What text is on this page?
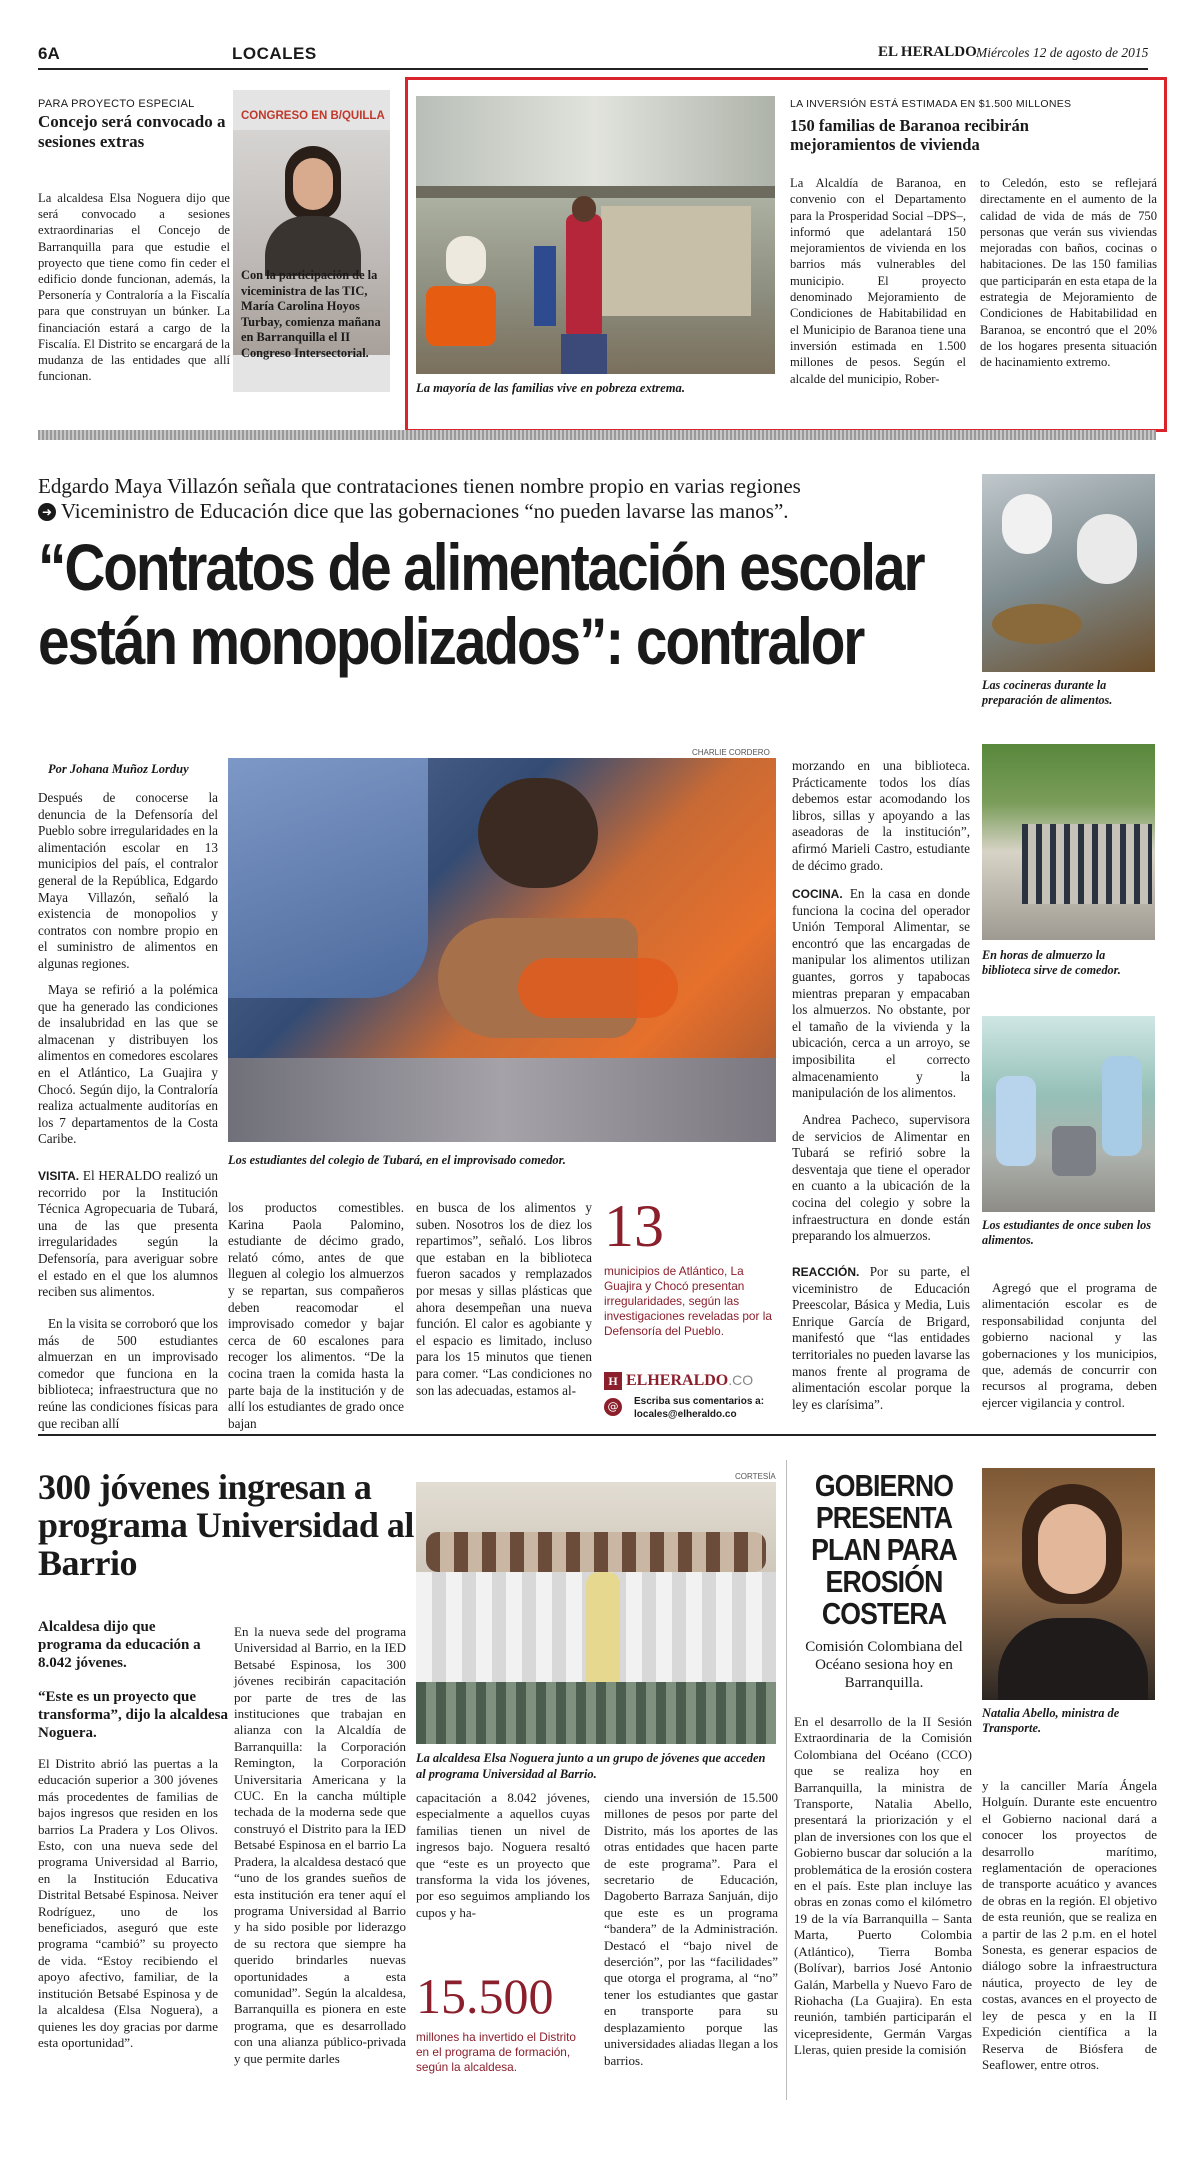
6A	LOCALES	EL HERALDO Miércoles 12 de agosto de 2015
PARA PROYECTO ESPECIAL
Concejo será convocado a sesiones extras
La alcaldesa Elsa Noguera dijo que será convocado a sesiones extraordinarias el Concejo de Barranquilla para que estudie el proyecto que tiene como fin ceder el edificio donde funcionan, además, la Personería y Contraloría a la Fiscalía para que construyan un búnker. La financiación estará a cargo de la Fiscalía. El Distrito se encargará de la mudanza de las entidades que allí funcionan.
CONGRESO EN B/QUILLA
Con la participación de la viceministra de las TIC, María Carolina Hoyos Turbay, comienza mañana en Barranquilla el II Congreso Intersectorial.
La mayoría de las familias vive en pobreza extrema.
LA INVERSIÓN ESTÁ ESTIMADA EN $1.500 MILLONES
150 familias de Baranoa recibirán mejoramientos de vivienda
La Alcaldía de Baranoa, en convenio con el Departamento para la Prosperidad Social –DPS–, informó que adelantará 150 mejoramientos de vivienda en los barrios más vulnerables del municipio. El proyecto denominado Mejoramiento de Condiciones de Habitabilidad en el Municipio de Baranoa tiene una inversión estimada en 1.500 millones de pesos. Según el alcalde del municipio, Rober-
to Celedón, esto se reflejará directamente en el aumento de la calidad de vida de más de 750 personas que verán sus viviendas mejoradas con baños, cocinas o habitaciones. De las 150 familias que participarán en esta etapa de la estrategia de Mejoramiento de Condiciones de Habitabilidad en Baranoa, se encontró que el 20% de los hogares presenta situación de hacinamiento extremo.
Edgardo Maya Villazón señala que contrataciones tienen nombre propio en varias regiones
➜ Viceministro de Educación dice que las gobernaciones “no pueden lavarse las manos”.
“Contratos de alimentación escolar
están monopolizados”: contralor
Por Johana Muñoz Lorduy
CHARLIE CORDERO
Los estudiantes del colegio de Tubará, en el improvisado comedor.
Después de conocerse la denuncia de la Defensoría del Pueblo sobre irregularidades en la alimentación escolar en 13 municipios del país, el contralor general de la República, Edgardo Maya Villazón, señaló la existencia de monopolios y contratos con nombre propio en el suministro de alimentos en algunas regiones.
Maya se refirió a la polémica que ha generado las condiciones de insalubridad en las que se almacenan y distribuyen los alimentos en comedores escolares en el Atlántico, La Guajira y Chocó. Según dijo, la Contraloría realiza actualmente auditorías en los 7 departamentos de la Costa Caribe.
VISITA. El HERALDO realizó un recorrido por la Institución Técnica Agropecuaria de Tubará, una de las que presenta irregularidades según la Defensoría, para averiguar sobre el estado en el que los alumnos reciben sus alimentos.
En la visita se corroboró que los más de 500 estudiantes almuerzan en un improvisado comedor que funciona en la biblioteca; infraestructura que no reúne las condiciones físicas para que reciban allí
los productos comestibles. Karina Paola Palomino, estudiante de décimo grado, relató cómo, antes de que lleguen al colegio los almuerzos y se repartan, sus compañeros deben reacomodar el improvisado comedor y bajar cerca de 60 escalones para recoger los alimentos. “De la cocina traen la comida hasta la parte baja de la institución y de allí los estudiantes de grado once bajan
en busca de los alimentos y suben. Nosotros los de diez los repartimos”, señaló. Los libros que estaban en la biblioteca fueron sacados y remplazados por mesas y sillas plásticas que ahora desempeñan una nueva función. El calor es agobiante y el espacio es limitado, incluso para los 15 minutos que tienen para comer. “Las condiciones no son las adecuadas, estamos al-
13
municipios de Atlántico, La Guajira y Chocó presentan irregularidades, según las investigaciones reveladas por la Defensoría del Pueblo.
H ELHERALDO.CO
@	Escriba sus comentarios a:
locales@elheraldo.co
morzando en una biblioteca. Prácticamente todos los días debemos estar acomodando los libros, sillas y apoyando a las aseadoras de la institución”, afirmó Marieli Castro, estudiante de décimo grado.
COCINA. En la casa en donde funciona la cocina del operador Unión Temporal Alimentar, se encontró que las encargadas de manipular los alimentos utilizan guantes, gorros y tapabocas mientras preparan y empacaban los almuerzos. No obstante, por el tamaño de la vivienda y la ubicación, cerca a un arroyo, se imposibilita el correcto almacenamiento y la manipulación de los alimentos.
Andrea Pacheco, supervisora de servicios de Alimentar en Tubará se refirió sobre la desventaja que tiene el operador en cuanto a la ubicación de la cocina del colegio y sobre la infraestructura en donde están preparando los almuerzos.
REACCIÓN. Por su parte, el viceministro de Educación Preescolar, Básica y Media, Luis Enrique García de Brigard, manifestó que “las entidades territoriales no pueden lavarse las manos frente al programa de alimentación escolar porque la ley es clarísima”.
Las cocineras durante la preparación de alimentos.
En horas de almuerzo la biblioteca sirve de comedor.
Los estudiantes de once suben los alimentos.
Agregó que el programa de alimentación escolar es de responsabilidad conjunta del gobierno nacional y las gobernaciones y los municipios, que, además de concurrir con recursos al programa, deben ejercer vigilancia y control.
300 jóvenes ingresan a programa Universidad al Barrio
Alcaldesa dijo que programa da educación a 8.042 jóvenes.
“Este es un proyecto que transforma”, dijo la alcaldesa Noguera.
El Distrito abrió las puertas a la educación superior a 300 jóvenes más procedentes de familias de bajos ingresos que residen en los barrios La Pradera y Los Olivos. Esto, con una nueva sede del programa Universidad al Barrio, en la Institución Educativa Distrital Betsabé Espinosa. Neiver Rodríguez, uno de los beneficiados, aseguró que este programa “cambió” su proyecto de vida. “Estoy recibiendo el apoyo afectivo, familiar, de la institución Betsabé Espinosa y de la alcaldesa (Elsa Noguera), a quienes les doy gracias por darme esta oportunidad”.
En la nueva sede del programa Universidad al Barrio, en la IED Betsabé Espinosa, los 300 jóvenes recibirán capacitación por parte de tres de las instituciones que trabajan en alianza con la Alcaldía de Barranquilla: la Corporación Remington, la Corporación Universitaria Americana y la CUC. En la cancha múltiple techada de la moderna sede que construyó el Distrito para la IED Betsabé Espinosa en el barrio La Pradera, la alcaldesa destacó que “uno de los grandes sueños de esta institución era tener aquí el programa Universidad al Barrio y ha sido posible por liderazgo de su rectora que siempre ha querido brindarles nuevas oportunidades a esta comunidad”. Según la alcaldesa, Barranquilla es pionera en este programa, que es desarrollado con una alianza público-privada y que permite darles
CORTESÍA
La alcaldesa Elsa Noguera junto a un grupo de jóvenes que acceden al programa Universidad al Barrio.
capacitación a 8.042 jóvenes, especialmente a aquellos cuyas familias tienen un nivel de ingresos bajo. Noguera resaltó que “este es un proyecto que transforma la vida los jóvenes, por eso seguimos ampliando los cupos y ha-
15.500
millones ha invertido el Distrito en el programa de formación, según la alcaldesa.
ciendo una inversión de 15.500 millones de pesos por parte del Distrito, más los aportes de las otras entidades que hacen parte de este programa”. Para el secretario de Educación, Dagoberto Barraza Sanjuán, dijo que este es un programa “bandera” de la Administración. Destacó el “bajo nivel de deserción”, por las “facilidades” que otorga el programa, al “no” tener los estudiantes que gastar en transporte para su desplazamiento porque las universidades aliadas llegan a los barrios.
GOBIERNO PRESENTA PLAN PARA EROSIÓN COSTERA
Comisión Colombiana del Océano sesiona hoy en Barranquilla.
Natalia Abello, ministra de Transporte.
En el desarrollo de la II Sesión Extraordinaria de la Comisión Colombiana del Océano (CCO) que se realiza hoy en Barranquilla, la ministra de Transporte, Natalia Abello, presentará la priorización y el plan de inversiones con los que el Gobierno buscar dar solución a la problemática de la erosión costera en el país. Este plan incluye las obras en zonas como el kilómetro 19 de la vía Barranquilla – Santa Marta, Puerto Colombia (Atlántico), Tierra Bomba (Bolívar), barrios José Antonio Galán, Marbella y Nuevo Faro de Riohacha (La Guajira). En esta reunión, también participarán el vicepresidente, Germán Vargas Lleras, quien preside la comisión
y la canciller María Ángela Holguín. Durante este encuentro el Gobierno nacional dará a conocer los proyectos de desarrollo marítimo, reglamentación de operaciones de transporte acuático y avances de obras en la región. El objetivo de esta reunión, que se realiza en a partir de las 2 p.m. en el hotel Sonesta, es generar espacios de diálogo sobre la infraestructura náutica, proyecto de ley de costas, avances en el proyecto de ley de pesca y en la II Expedición científica a la Reserva de Biósfera de Seaflower, entre otros.
